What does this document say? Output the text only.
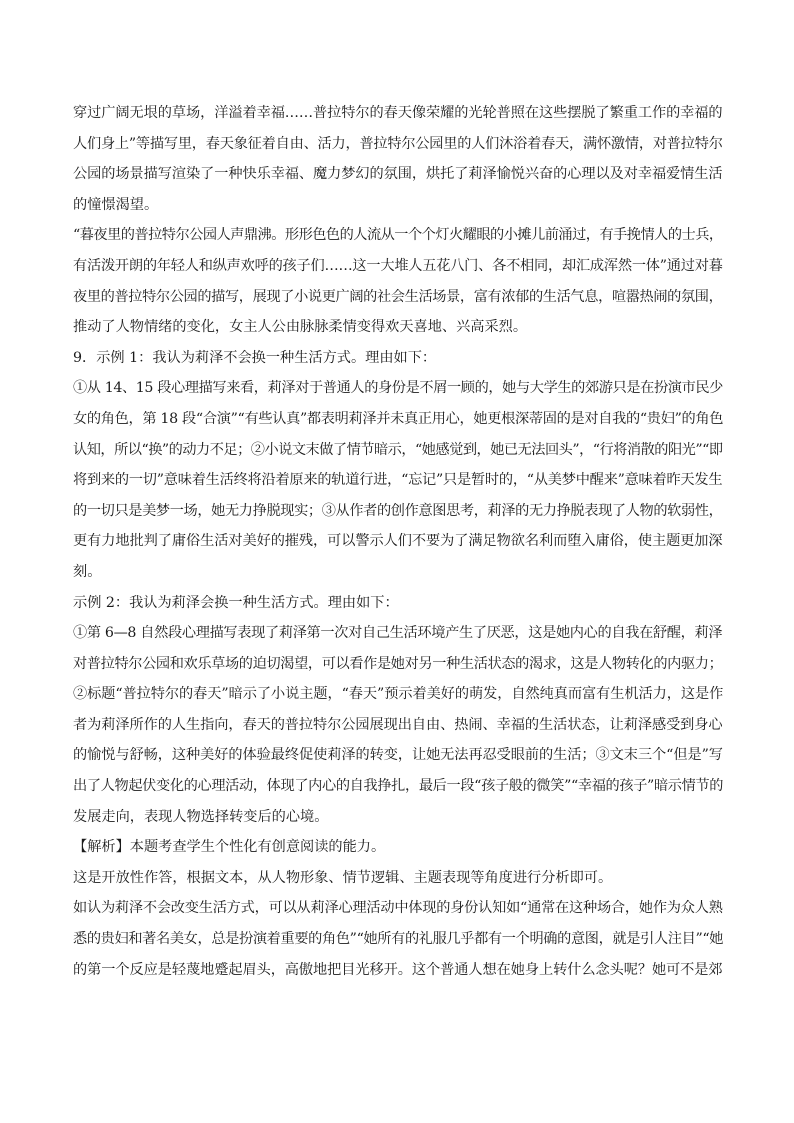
穿过广阔无垠的草场，洋溢着幸福……普拉特尔的春天像荣耀的光轮普照在这些摆脱了繁重工作的幸福的
人们身上”等描写里，春天象征着自由、活力，普拉特尔公园里的人们沐浴着春天，满怀激情，对普拉特尔
公园的场景描写渲染了一种快乐幸福、魔力梦幻的氛围，烘托了莉泽愉悦兴奋的心理以及对幸福爱情生活
的憧憬渴望。
“暮夜里的普拉特尔公园人声鼎沸。形形色色的人流从一个个灯火耀眼的小摊儿前涌过，有手挽情人的士兵，
有活泼开朗的年轻人和纵声欢呼的孩子们……这一大堆人五花八门、各不相同，却汇成浑然一体”通过对暮
夜里的普拉特尔公园的描写，展现了小说更广阔的社会生活场景，富有浓郁的生活气息，喧嚣热闹的氛围，
推动了人物情绪的变化，女主人公由脉脉柔情变得欢天喜地、兴高采烈。
9．示例 1：我认为莉泽不会换一种生活方式。理由如下：
①从 14、15 段心理描写来看，莉泽对于普通人的身份是不屑一顾的，她与大学生的郊游只是在扮演市民少
女的角色，第 18 段“合演”“有些认真”都表明莉泽并未真正用心，她更根深蒂固的是对自我的“贵妇”的角色
认知，所以“换”的动力不足；②小说文末做了情节暗示，“她感觉到，她已无法回头”，“行将消散的阳光”“即
将到来的一切”意味着生活终将沿着原来的轨道行进，“忘记”只是暂时的，“从美梦中醒来”意味着昨天发生
的一切只是美梦一场，她无力挣脱现实；③从作者的创作意图思考，莉泽的无力挣脱表现了人物的软弱性，
更有力地批判了庸俗生活对美好的摧残，可以警示人们不要为了满足物欲名利而堕入庸俗，使主题更加深
刻。
示例 2：我认为莉泽会换一种生活方式。理由如下：
①第 6—8 自然段心理描写表现了莉泽第一次对自己生活环境产生了厌恶，这是她内心的自我在舒醒，莉泽
对普拉特尔公园和欢乐草场的迫切渴望，可以看作是她对另一种生活状态的渴求，这是人物转化的内驱力；
②标题“普拉特尔的春天”暗示了小说主题，“春天”预示着美好的萌发，自然纯真而富有生机活力，这是作
者为莉泽所作的人生指向，春天的普拉特尔公园展现出自由、热闹、幸福的生活状态，让莉泽感受到身心
的愉悦与舒畅，这种美好的体验最终促使莉泽的转变，让她无法再忍受眼前的生活；③文末三个“但是”写
出了人物起伏变化的心理活动，体现了内心的自我挣扎，最后一段“孩子般的微笑”“幸福的孩子”暗示情节的
发展走向，表现人物选择转变后的心境。
【解析】本题考查学生个性化有创意阅读的能力。
这是开放性作答，根据文本，从人物形象、情节逻辑、主题表现等角度进行分析即可。
如认为莉泽不会改变生活方式，可以从莉泽心理活动中体现的身份认知如“通常在这种场合，她作为众人熟
悉的贵妇和著名美女，总是扮演着重要的角色”“她所有的礼服几乎都有一个明确的意图，就是引人注目”“她
的第一个反应是轻蔑地蹙起眉头，高傲地把目光移开。这个普通人想在她身上转什么念头呢？她可不是郊
